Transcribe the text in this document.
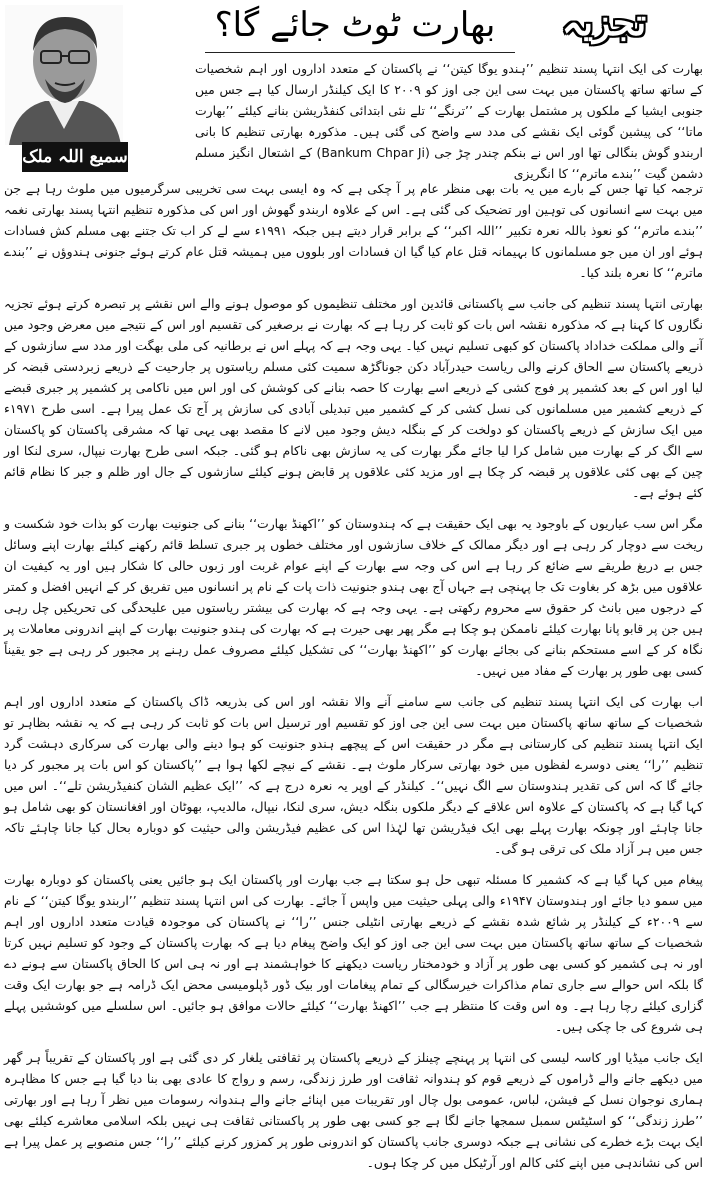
سمیع اللہ ملک
بھارت ٹوٹ جائے گا؟	تجزیہ

بھارت کی ایک انتہا پسند تنظیم ’’ہندو یوگا کیتن‘‘ نے پاکستان کے متعدد اداروں اور اہم شخصیات کے ساتھ ساتھ پاکستان میں بہت سی این جی اوز کو ۲۰۰۹ کا ایک کیلنڈر ارسال کیا ہے جس میں جنوبی ایشیا کے ملکوں پر مشتمل بھارت کے ’’ترنگے‘‘ تلے نئی ابتدائی کنفڈریشن بنانے کیلئے ’’بھارت ماتا‘‘ کی پیشین گوئی ایک نقشے کی مدد سے واضح کی گئی ہیں۔ مذکورہ بھارتی تنظیم کا بانی اربندو گوش بنگالی تھا اور اس نے بنکم چندر چڑ جی (Bankum Chpar Ji) کے اشتعال انگیز مسلم دشمن گیت ’’بندے ماترم‘‘ کا انگریزی

ترجمہ کیا تھا جس کے بارے میں یہ بات بھی منظر عام پر آ چکی ہے کہ وہ ایسی بہت سی تخریبی سرگرمیوں میں ملوث رہا ہے جن میں بہت سے انسانوں کی توہین اور تضحیک کی گئی ہے۔ اس کے علاوہ اربندو گھوش اور اس کی مذکورہ تنظیم انتہا پسند بھارتی نغمہ ’’بندے ماترم‘‘ کو نعوذ باللہ نعرہ تکبیر ’’اللہ اکبر‘‘ کے برابر قرار دیتے ہیں جبکہ ۱۹۹۱ء سے لے کر اب تک جتنے بھی مسلم کش فسادات ہوئے اور ان میں جو مسلمانوں کا بہیمانہ قتل عام کیا گیا ان فسادات اور بلووں میں ہمیشہ قتل عام کرتے ہوئے جنونی ہندوؤں نے ’’بندے ماترم‘‘ کا نعرہ بلند کیا۔

بھارتی انتہا پسند تنظیم کی جانب سے پاکستانی قائدین اور مختلف تنظیموں کو موصول ہونے والے اس نقشے پر تبصرہ کرتے ہوئے تجزیہ نگاروں کا کہنا ہے کہ مذکورہ نقشہ اس بات کو ثابت کر رہا ہے کہ بھارت نے برصغیر کی تقسیم اور اس کے نتیجے میں معرض وجود میں آنے والی مملکت خداداد پاکستان کو کبھی تسلیم نہیں کیا۔ یہی وجہ ہے کہ پہلے اس نے برطانیہ کی ملی بھگت اور مدد سے سازشوں کے ذریعے پاکستان سے الحاق کرنے والی ریاست حیدرآباد دکن جوناگڑھ سمیت کئی مسلم ریاستوں پر جارحیت کے ذریعے زبردستی قبضہ کر لیا اور اس کے بعد کشمیر پر فوج کشی کے ذریعے اسے بھارت کا حصہ بنانے کی کوشش کی اور اس میں ناکامی پر کشمیر پر جبری قبضے کے ذریعے کشمیر میں مسلمانوں کی نسل کشی کر کے کشمیر میں تبدیلی آبادی کی سازش پر آج تک عمل پیرا ہے۔ اسی طرح ۱۹۷۱ء میں ایک سازش کے ذریعے پاکستان کو دولخت کر کے بنگلہ دیش وجود میں لانے کا مقصد بھی یہی تھا کہ مشرقی پاکستان کو پاکستان سے الگ کر کے بھارت میں شامل کرا لیا جائے مگر بھارت کی یہ سازش بھی ناکام ہو گئی۔ جبکہ اسی طرح بھارت نیپال، سری لنکا اور چین کے بھی کئی علاقوں پر قبضہ کر چکا ہے اور مزید کئی علاقوں پر قابض ہونے کیلئے سازشوں کے جال اور ظلم و جبر کا نظام قائم کئے ہوئے ہے۔

مگر اس سب عیاریوں کے باوجود یہ بھی ایک حقیقت ہے کہ ہندوستان کو ’’اکھنڈ بھارت‘‘ بنانے کی جنونیت بھارت کو بذات خود شکست و ریخت سے دوچار کر رہی ہے اور دیگر ممالک کے خلاف سازشوں اور مختلف خطوں پر جبری تسلط قائم رکھنے کیلئے بھارت اپنے وسائل جس بے دریغ طریقے سے ضائع کر رہا ہے اس کی وجہ سے بھارت کے اپنے عوام غربت اور زبوں حالی کا شکار ہیں اور یہ کیفیت ان علاقوں میں بڑھ کر بغاوت تک جا پہنچی ہے جہاں آج بھی ہندو جنونیت ذات پات کے نام پر انسانوں میں تفریق کر کے انہیں افضل و کمتر کے درجوں میں بانٹ کر حقوق سے محروم رکھتی ہے۔ یہی وجہ ہے کہ بھارت کی بیشتر ریاستوں میں علیحدگی کی تحریکیں چل رہی ہیں جن پر قابو پانا بھارت کیلئے ناممکن ہو چکا ہے مگر پھر بھی حیرت ہے کہ بھارت کی ہندو جنونیت بھارت کے اپنے اندرونی معاملات پر نگاہ کر کے اسے مستحکم بنانے کی بجائے بھارت کو ’’اکھنڈ بھارت‘‘ کی تشکیل کیلئے مصروف عمل رہنے پر مجبور کر رہی ہے جو یقیناً کسی بھی طور پر بھارت کے مفاد میں نہیں۔

اب بھارت کی ایک انتہا پسند تنظیم کی جانب سے سامنے آنے والا نقشہ اور اس کی بذریعہ ڈاک پاکستان کے متعدد اداروں اور اہم شخصیات کے ساتھ ساتھ پاکستان میں بہت سی این جی اوز کو تقسیم اور ترسیل اس بات کو ثابت کر رہی ہے کہ یہ نقشہ بظاہر تو ایک انتہا پسند تنظیم کی کارستانی ہے مگر در حقیقت اس کے پیچھے ہندو جنونیت کو ہوا دینے والی بھارت کی سرکاری دہشت گرد تنظیم ’’را‘‘ یعنی دوسرے لفظوں میں خود بھارتی سرکار ملوث ہے۔ نقشے کے نیچے لکھا ہوا ہے ’’پاکستان کو اس بات پر مجبور کر دیا جائے گا کہ اس کی تقدیر ہندوستان سے الگ نہیں‘‘۔ کیلنڈر کے اوپر یہ نعرہ درج ہے کہ ’’ایک عظیم الشان کنفیڈریشن تلے‘‘۔ اس میں کہا گیا ہے کہ پاکستان کے علاوہ اس علاقے کے دیگر ملکوں بنگلہ دیش، سری لنکا، نیپال، مالدیپ، بھوٹان اور افغانستان کو بھی شامل ہو جانا چاہئے اور چونکہ بھارت پہلے بھی ایک فیڈریشن تھا لہٰذا اس کی عظیم فیڈریشن والی حیثیت کو دوبارہ بحال کیا جانا چاہئے تاکہ جس میں ہر آزاد ملک کی ترقی ہو گی۔

پیغام میں کہا گیا ہے کہ کشمیر کا مسئلہ تبھی حل ہو سکتا ہے جب بھارت اور پاکستان ایک ہو جائیں یعنی پاکستان کو دوبارہ بھارت میں سمو دیا جائے اور ہندوستان ۱۹۴۷ء والی پہلی حیثیت میں واپس آ جائے۔ بھارت کی اس انتہا پسند تنظیم ’’اربندو یوگا کیتن‘‘ کے نام سے ۲۰۰۹ء کے کیلنڈر پر شائع شدہ نقشے کے ذریعے بھارتی انٹیلی جنس ’’را‘‘ نے پاکستان کی موجودہ قیادت متعدد اداروں اور اہم شخصیات کے ساتھ ساتھ پاکستان میں بہت سی این جی اوز کو ایک واضح پیغام دیا ہے کہ بھارت پاکستان کے وجود کو تسلیم نہیں کرتا اور نہ ہی کشمیر کو کسی بھی طور پر آزاد و خودمختار ریاست دیکھنے کا خواہشمند ہے اور نہ ہی اس کا الحاق پاکستان سے ہونے دے گا بلکہ اس حوالے سے جاری تمام مذاکرات خیرسگالی کے تمام پیغامات اور بیک ڈور ڈپلومیسی محض ایک ڈرامہ ہے جو بھارت ایک وقت گزاری کیلئے رچا رہا ہے۔ وہ اس وقت کا منتظر ہے جب ’’اکھنڈ بھارت‘‘ کیلئے حالات موافق ہو جائیں۔ اس سلسلے میں کوششیں پہلے ہی شروع کی جا چکی ہیں۔

ایک جانب میڈیا اور کاسہ لیسی کی انتہا پر پہنچے چینلز کے ذریعے پاکستان پر ثقافتی یلغار کر دی گئی ہے اور پاکستان کے تقریباً ہر گھر میں دیکھے جانے والے ڈراموں کے ذریعے قوم کو ہندوانہ ثقافت اور طرز زندگی، رسم و رواج کا عادی بھی بنا دیا گیا ہے جس کا مظاہرہ ہماری نوجوان نسل کے فیشن، لباس، عمومی بول چال اور تقریبات میں اپنائے جانے والے ہندوانہ رسومات میں نظر آ رہا ہے اور بھارتی ’’طرز زندگی‘‘ کو اسٹیٹس سمبل سمجھا جانے لگا ہے جو کسی بھی طور پر پاکستانی ثقافت ہی نہیں بلکہ اسلامی معاشرے کیلئے بھی ایک بہت بڑے خطرے کی نشانی ہے جبکہ دوسری جانب پاکستان کو اندرونی طور پر کمزور کرنے کیلئے ’’را‘‘ جس منصوبے پر عمل پیرا ہے اس کی نشاندہی میں اپنے کئی کالم اور آرٹیکل میں کر چکا ہوں۔
